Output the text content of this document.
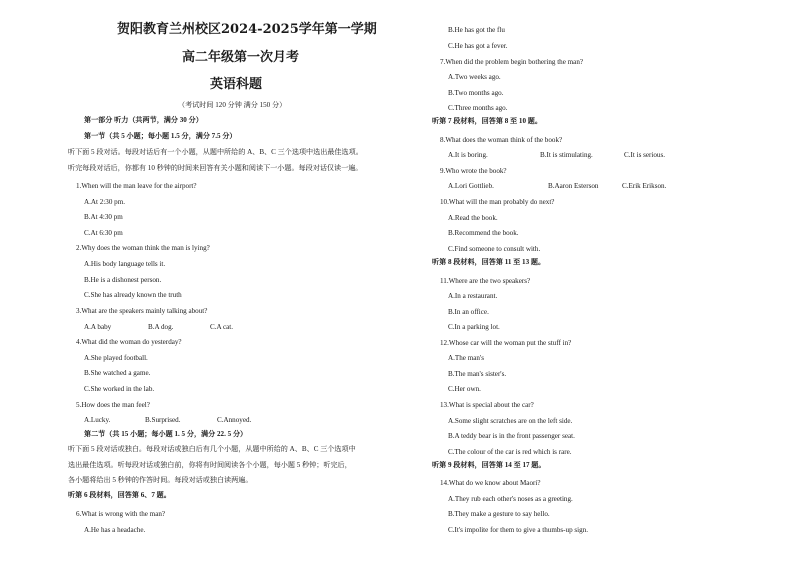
贺阳教育兰州校区2024-2025学年第一学期
高二年级第一次月考
英语科题
（考试时间 120 分钟 满分 150 分）
第一部分 听力（共两节，满分 30 分）
第一节（共 5 小题；每小题 1.5 分，满分 7.5 分）
听下面 5 段对话。每段对话后有一个小题，从题中所给的 A、B、C 三个选项中选出最佳选项。
听完每段对话后，你都有 10 秒钟的时间来回答有关小题和阅读下一小题。每段对话仅读一遍。
1.When will the man leave for the airport?
A.At 2:30 pm.
B.At 4:30 pm
C.At 6:30 pm
2.Why does the woman think the man is lying?
A.His body language tells it.
B.He is a dishonest person.
C.She has already known the truth
3.What are the speakers mainly talking about?
A.A baby	B.A dog.	C.A cat.
4.What did the woman do yesterday?
A.She played football.
B.She watched a game.
C.She worked in the lab.
5.How does the man feel?
A.Lucky.	B.Surprised.	C.Annoyed.
第二节（共 15 小题；每小题 1. 5 分，满分 22. 5 分）
听下面 5 段对话或独白。每段对话或独白后有几个小题，从题中所给的 A、B、C 三个选项中
选出最佳选项。听每段对话或独白前，你将有时间阅读各个小题，每小题 5 秒钟；听完后，
各小题将给出 5 秒钟的作答时间。每段对话或独白读两遍。
听第 6 段材料，回答第 6、7 题。
6.What is wrong with the man?
A.He has a headache.
B.He has got the flu
C.He has got a fever.
7.When did the problem begin bothering the man?
A.Two weeks ago.
B.Two months ago.
C.Three months ago.
听第 7 段材料，回答第 8 至 10 题。
8.What does the woman think of the book?
A.It is boring.	B.It is stimulating.	C.It is serious.
9.Who wrote the book?
A.Lori Gottlieb.	B.Aaron Esterson	C.Erik Erikson.
10.What will the man probably do next?
A.Read the book.
B.Recommend the book.
C.Find someone to consult with.
听第 8 段材料，回答第 11 至 13 题。
11.Where are the two speakers?
A.In a restaurant.
B.In an office.
C.In a parking lot.
12.Whose car will the woman put the stuff in?
A.The man's
B.The man's sister's.
C.Her own.
13.What is special about the car?
A.Some slight scratches are on the left side.
B.A teddy bear is in the front passenger seat.
C.The colour of the car is red which is rare.
听第 9 段材料，回答第 14 至 17 题。
14.What do we know about Maori?
A.They rub each other's noses as a greeting.
B.They make a gesture to say hello.
C.It's impolite for them to give a thumbs-up sign.
